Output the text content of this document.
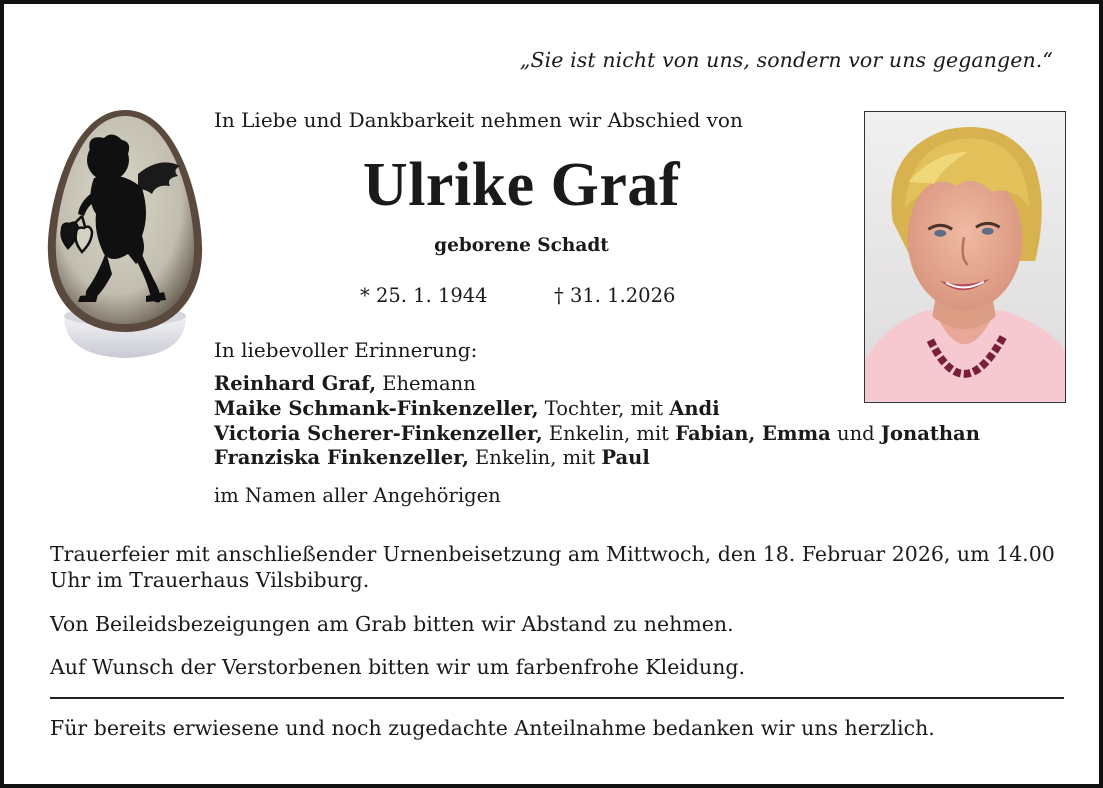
„Sie ist nicht von uns, sondern vor uns gegangen.“
In Liebe und Dankbarkeit nehmen wir Abschied von
Ulrike Graf
geborene Schadt
* 25. 1. 1944	† 31. 1.2026
In liebevoller Erinnerung:
Reinhard Graf, Ehemann
Maike Schmank-Finkenzeller, Tochter, mit Andi
Victoria Scherer-Finkenzeller, Enkelin, mit Fabian, Emma und Jonathan
Franziska Finkenzeller, Enkelin, mit Paul
im Namen aller Angehörigen
Trauerfeier mit anschließender Urnenbeisetzung am Mittwoch, den 18. Februar 2026, um 14.00 Uhr im Trauerhaus Vilsbiburg.
Von Beileidsbezeigungen am Grab bitten wir Abstand zu nehmen.
Auf Wunsch der Verstorbenen bitten wir um farbenfrohe Kleidung.
Für bereits erwiesene und noch zugedachte Anteilnahme bedanken wir uns herzlich.
